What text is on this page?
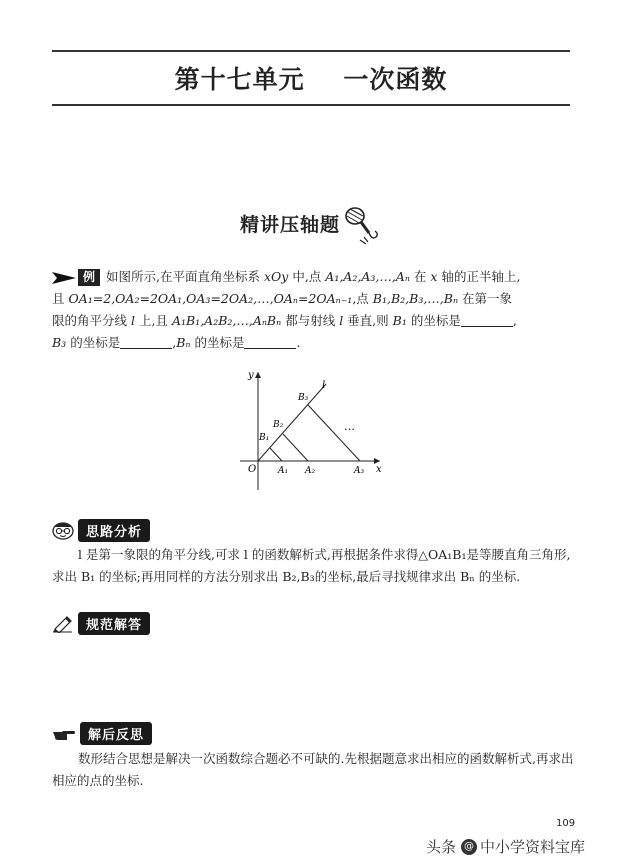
第十七单元    一次函数
精讲压轴题
例 如图所示,在平面直角坐标系 xOy 中,点 A₁,A₂,A₃,…,Aₙ 在 x 轴的正半轴上,
且 OA₁=2,OA₂=2OA₁,OA₃=2OA₂,…,OAₙ=2OAₙ₋₁,点 B₁,B₂,B₃,…,Bₙ 在第一象
限的角平分线 l 上,且 A₁B₁,A₂B₂,…,AₙBₙ 都与射线 l 垂直,则 B₁ 的坐标是	,
B₃ 的坐标是	,Bₙ 的坐标是	.
y
x
O
l
…
A₁ A₂	A₃
B₁
B₂
B₃
思路分析
l 是第一象限的角平分线,可求 l 的函数解析式,再根据条件求得△OA₁B₁是等腰直角三角形,求出 B₁ 的坐标;再用同样的方法分别求出 B₂,B₃的坐标,最后寻找规律求出 Bₙ 的坐标.
规范解答
解后反思
数形结合思想是解决一次函数综合题必不可缺的.先根据题意求出相应的函数解析式,再求出相应的点的坐标.
109
头条 @ 中小学资料宝库
